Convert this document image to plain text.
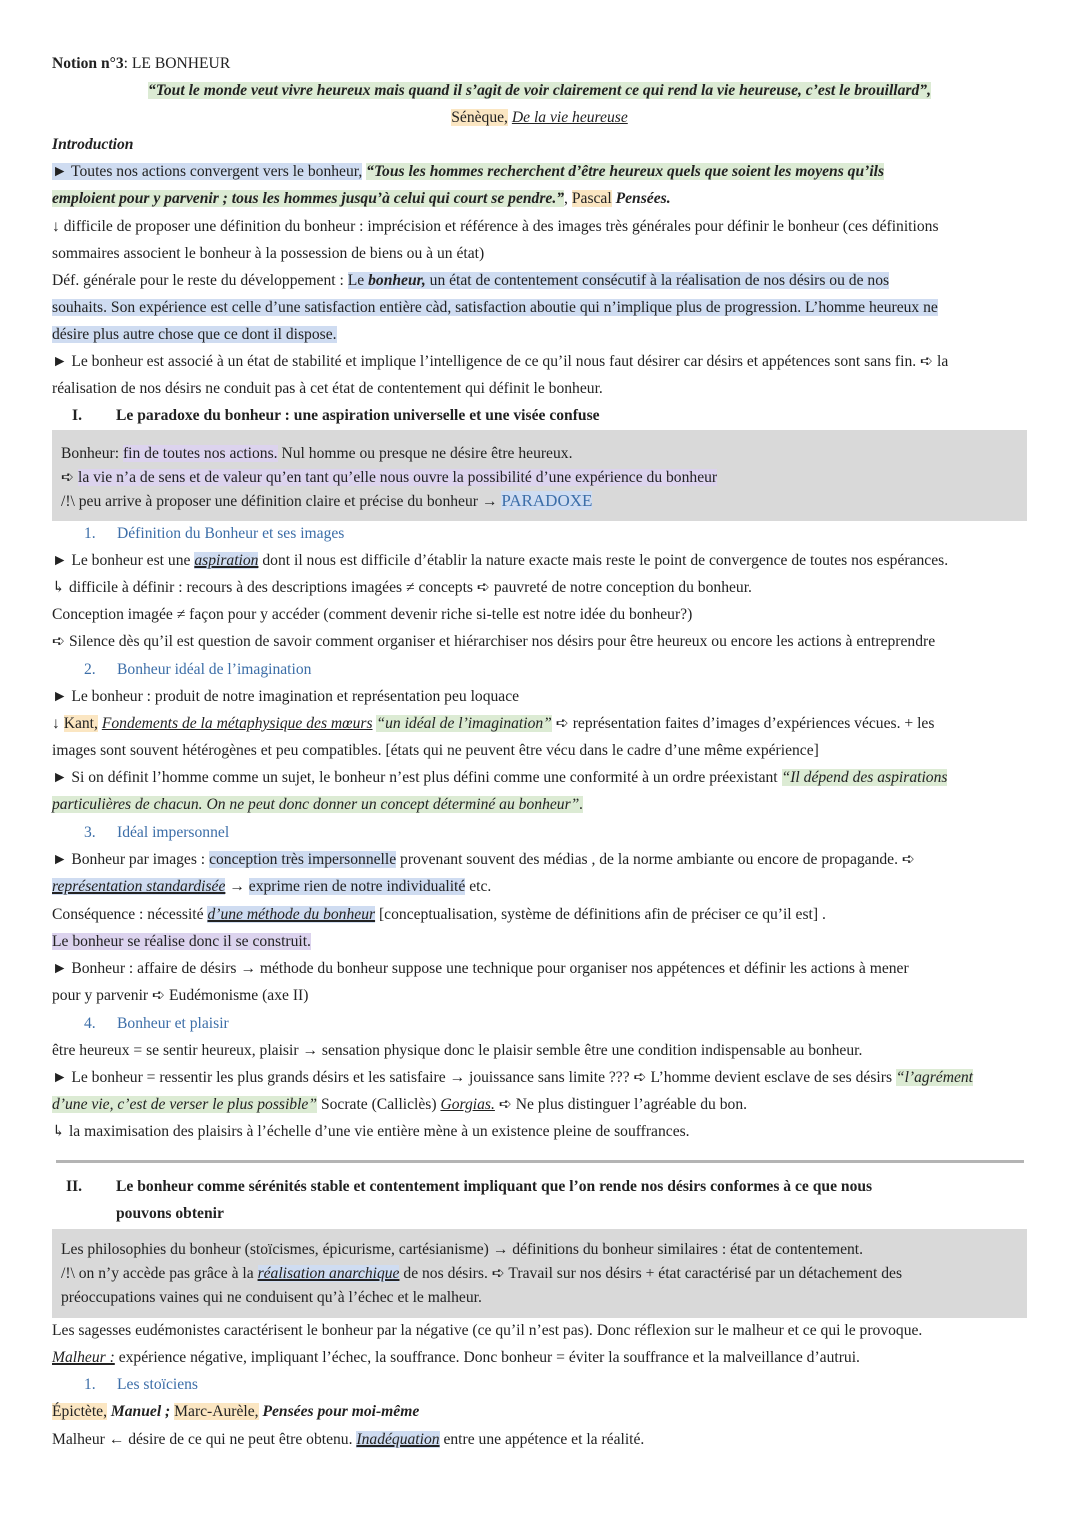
Notion n°3: LE BONHEUR
“Tout le monde veut vivre heureux mais quand il s’agit de voir clairement ce qui rend la vie heureuse, c’est le brouillard”,
Sénèque, De la vie heureuse
Introduction
► Toutes nos actions convergent vers le bonheur, “Tous les hommes recherchent d’être heureux quels que soient les moyens qu’ils
emploient pour y parvenir ; tous les hommes jusqu’à celui qui court se pendre.”, Pascal Pensées.
↓ difficile de proposer une définition du bonheur : imprécision et référence à des images très générales pour définir le bonheur (ces définitions
sommaires associent le bonheur à la possession de biens ou à un état)
Déf. générale pour le reste du développement : Le bonheur, un état de contentement consécutif à la réalisation de nos désirs ou de nos
souhaits. Son expérience est celle d’une satisfaction entière càd, satisfaction aboutie qui n’implique plus de progression. L’homme heureux ne
désire plus autre chose que ce dont il dispose.
► Le bonheur est associé à un état de stabilité et implique l’intelligence de ce qu’il nous faut désirer car désirs et appétences sont sans fin. ➪ la
réalisation de nos désirs ne conduit pas à cet état de contentement qui définit le bonheur.
I. Le paradoxe du bonheur : une aspiration universelle et une visée confuse
Bonheur: fin de toutes nos actions. Nul homme ou presque ne désire être heureux.
➪ la vie n’a de sens et de valeur qu’en tant qu’elle nous ouvre la possibilité d’une expérience du bonheur
/!\ peu arrive à proposer une définition claire et précise du bonheur → PARADOXE
1. Définition du Bonheur et ses images
► Le bonheur est une aspiration dont il nous est difficile d’établir la nature exacte mais reste le point de convergence de toutes nos espérances.
↳ difficile à définir : recours à des descriptions imagées ≠ concepts ➪ pauvreté de notre conception du bonheur.
Conception imagée ≠ façon pour y accéder (comment devenir riche si-telle est notre idée du bonheur?)
➪ Silence dès qu’il est question de savoir comment organiser et hiérarchiser nos désirs pour être heureux ou encore les actions à entreprendre
2. Bonheur idéal de l’imagination
► Le bonheur : produit de notre imagination et représentation peu loquace
↓ Kant, Fondements de la métaphysique des mœurs “un idéal de l’imagination” ➪ représentation faites d’images d’expériences vécues. + les
images sont souvent hétérogènes et peu compatibles. [états qui ne peuvent être vécu dans le cadre d’une même expérience]
► Si on définit l’homme comme un sujet, le bonheur n’est plus défini comme une conformité à un ordre préexistant “Il dépend des aspirations
particulières de chacun. On ne peut donc donner un concept déterminé au bonheur”.
3. Idéal impersonnel
► Bonheur par images : conception très impersonnelle provenant souvent des médias , de la norme ambiante ou encore de propagande. ➪
représentation standardisée → exprime rien de notre individualité etc.
Conséquence : nécessité d’une méthode du bonheur [conceptualisation, système de définitions afin de préciser ce qu’il est] .
Le bonheur se réalise donc il se construit.
► Bonheur : affaire de désirs → méthode du bonheur suppose une technique pour organiser nos appétences et définir les actions à mener
pour y parvenir ➪ Eudémonisme (axe II)
4. Bonheur et plaisir
être heureux = se sentir heureux, plaisir → sensation physique donc le plaisir semble être une condition indispensable au bonheur.
► Le bonheur = ressentir les plus grands désirs et les satisfaire → jouissance sans limite ??? ➪ L’homme devient esclave de ses désirs “l’agrément
d’une vie, c’est de verser le plus possible” Socrate (Calliclès) Gorgias. ➪ Ne plus distinguer l’agréable du bon.
↳ la maximisation des plaisirs à l’échelle d’une vie entière mène à un existence pleine de souffrances.
II. Le bonheur comme sérénités stable et contentement impliquant que l’on rende nos désirs conformes à ce que nous
pouvons obtenir
Les philosophies du bonheur (stoïcismes, épicurisme, cartésianisme) → définitions du bonheur similaires : état de contentement.
/!\ on n’y accède pas grâce à la réalisation anarchique de nos désirs. ➪ Travail sur nos désirs + état caractérisé par un détachement des
préoccupations vaines qui ne conduisent qu’à l’échec et le malheur.
Les sagesses eudémonistes caractérisent le bonheur par la négative (ce qu’il n’est pas). Donc réflexion sur le malheur et ce qui le provoque.
Malheur : expérience négative, impliquant l’échec, la souffrance. Donc bonheur = éviter la souffrance et la malveillance d’autrui.
1. Les stoïciens
Épictète, Manuel ; Marc-Aurèle, Pensées pour moi-même
Malheur ← désire de ce qui ne peut être obtenu. Inadéquation entre une appétence et la réalité.
